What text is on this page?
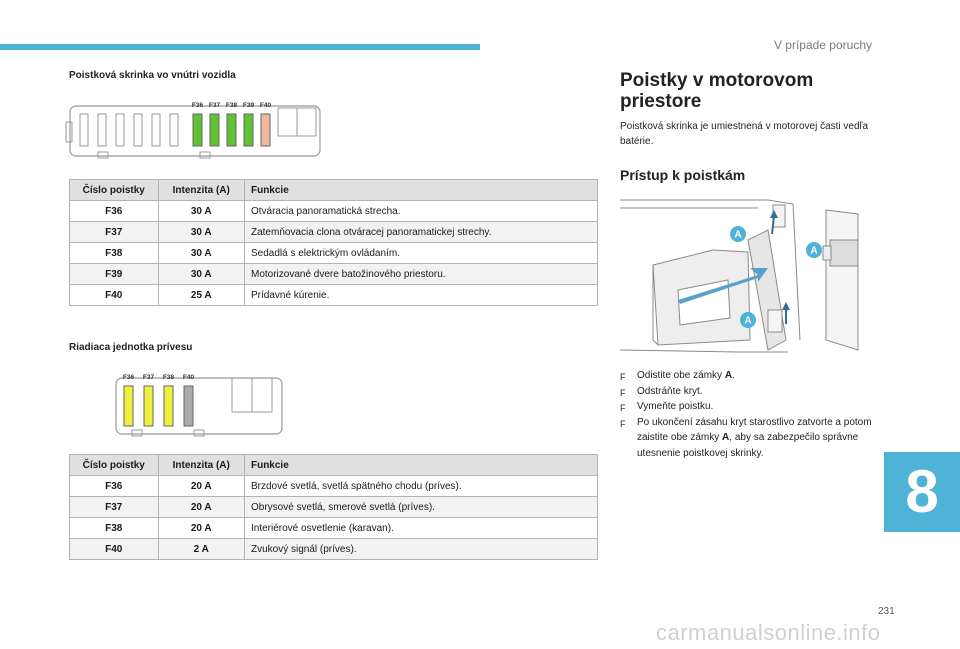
V prípade poruchy
Poistková skrinka vo vnútri vozidla
F36 F37 F38 F39 F40
Číslo poistky	Intenzita (A)	Funkcie
F36	30 A	Otváracia panoramatická strecha.
F37	30 A	Zatemňovacia clona otváracej panoramatickej strechy.
F38	30 A	Sedadlá s elektrickým ovládaním.
F39	30 A	Motorizované dvere batožinového priestoru.
F40	25 A	Prídavné kúrenie.
Riadiaca jednotka prívesu
F36 F37 F38 F40
Číslo poistky	Intenzita (A)	Funkcie
F36	20 A	Brzdové svetlá, svetlá spätného chodu (príves).
F37	20 A	Obrysové svetlá, smerové svetlá (príves).
F38	20 A	Interiérové osvetlenie (karavan).
F40	2 A	Zvukový signál (príves).
Poistky v motorovom priestore
Poistková skrinka je umiestnená v motorovej časti vedľa batérie.
Prístup k poistkám
A
A
A
F Odistite obe zámky A.
F Odstráňte kryt.
F Vymeňte poistku.
F Po ukončení zásahu kryt starostlivo zatvorte a potom zaistite obe zámky A, aby sa zabezpečilo správne utesnenie poistkovej skrinky.
8
231
carmanualsonline.info
